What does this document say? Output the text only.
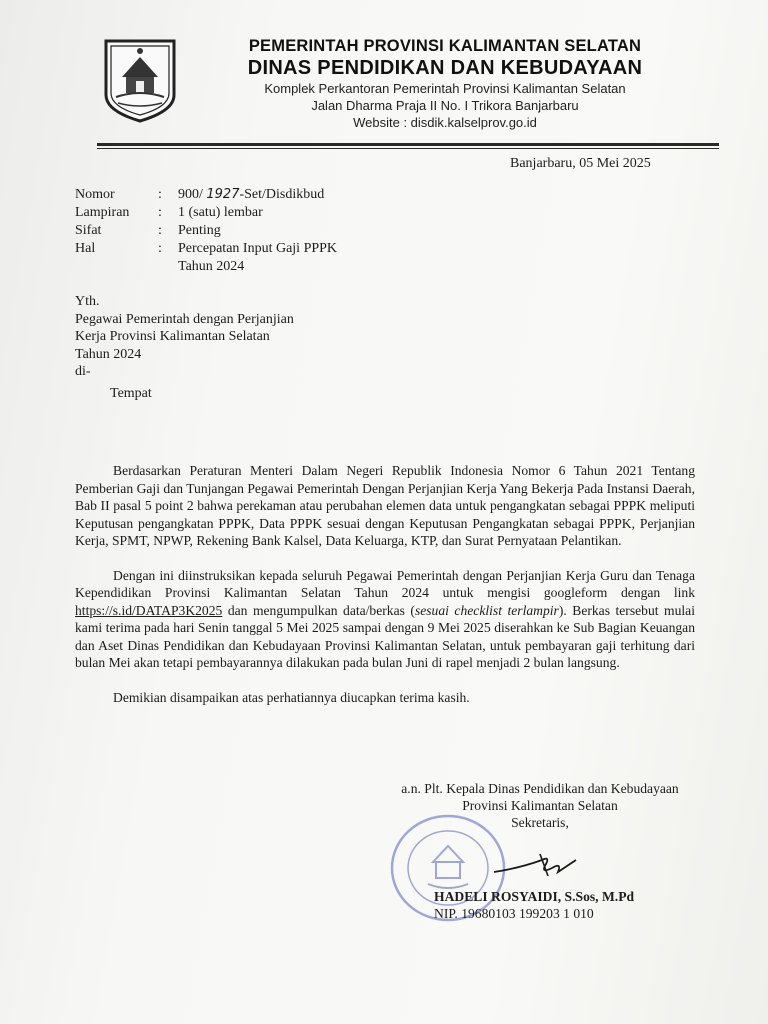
PEMERINTAH PROVINSI KALIMANTAN SELATAN
DINAS PENDIDIKAN DAN KEBUDAYAAN
Komplek Perkantoran Pemerintah Provinsi Kalimantan Selatan
Jalan Dharma Praja II No. I Trikora Banjarbaru
Website : disdik.kalselprov.go.id
Banjarbaru, 05 Mei 2025
Nomor	:	900/ 1927-Set/Disdikbud
Lampiran	:	1 (satu) lembar
Sifat	:	Penting
Hal	:	Percepatan Input Gaji PPPK
Tahun 2024
Yth.
Pegawai Pemerintah dengan Perjanjian
Kerja Provinsi Kalimantan Selatan
Tahun 2024
di-
Tempat

Berdasarkan Peraturan Menteri Dalam Negeri Republik Indonesia Nomor 6 Tahun 2021 Tentang Pemberian Gaji dan Tunjangan Pegawai Pemerintah Dengan Perjanjian Kerja Yang Bekerja Pada Instansi Daerah, Bab II pasal 5 point 2 bahwa perekaman atau perubahan elemen data untuk pengangkatan sebagai PPPK meliputi Keputusan pengangkatan PPPK, Data PPPK sesuai dengan Keputusan Pengangkatan sebagai PPPK, Perjanjian Kerja, SPMT, NPWP, Rekening Bank Kalsel, Data Keluarga, KTP, dan Surat Pernyataan Pelantikan.

Dengan ini diinstruksikan kepada seluruh Pegawai Pemerintah dengan Perjanjian Kerja Guru dan Tenaga Kependidikan Provinsi Kalimantan Selatan Tahun 2024 untuk mengisi googleform dengan link https://s.id/DATAP3K2025 dan mengumpulkan data/berkas (sesuai checklist terlampir). Berkas tersebut mulai kami terima pada hari Senin tanggal 5 Mei 2025 sampai dengan 9 Mei 2025 diserahkan ke Sub Bagian Keuangan dan Aset Dinas Pendidikan dan Kebudayaan Provinsi Kalimantan Selatan, untuk pembayaran gaji terhitung dari bulan Mei akan tetapi pembayarannya dilakukan pada bulan Juni di rapel menjadi 2 bulan langsung.

Demikian disampaikan atas perhatiannya diucapkan terima kasih.

a.n. Plt. Kepala Dinas Pendidikan dan Kebudayaan
Provinsi Kalimantan Selatan
Sekretaris,
HADELI ROSYAIDI, S.Sos, M.Pd
NIP. 19680103 199203 1 010
